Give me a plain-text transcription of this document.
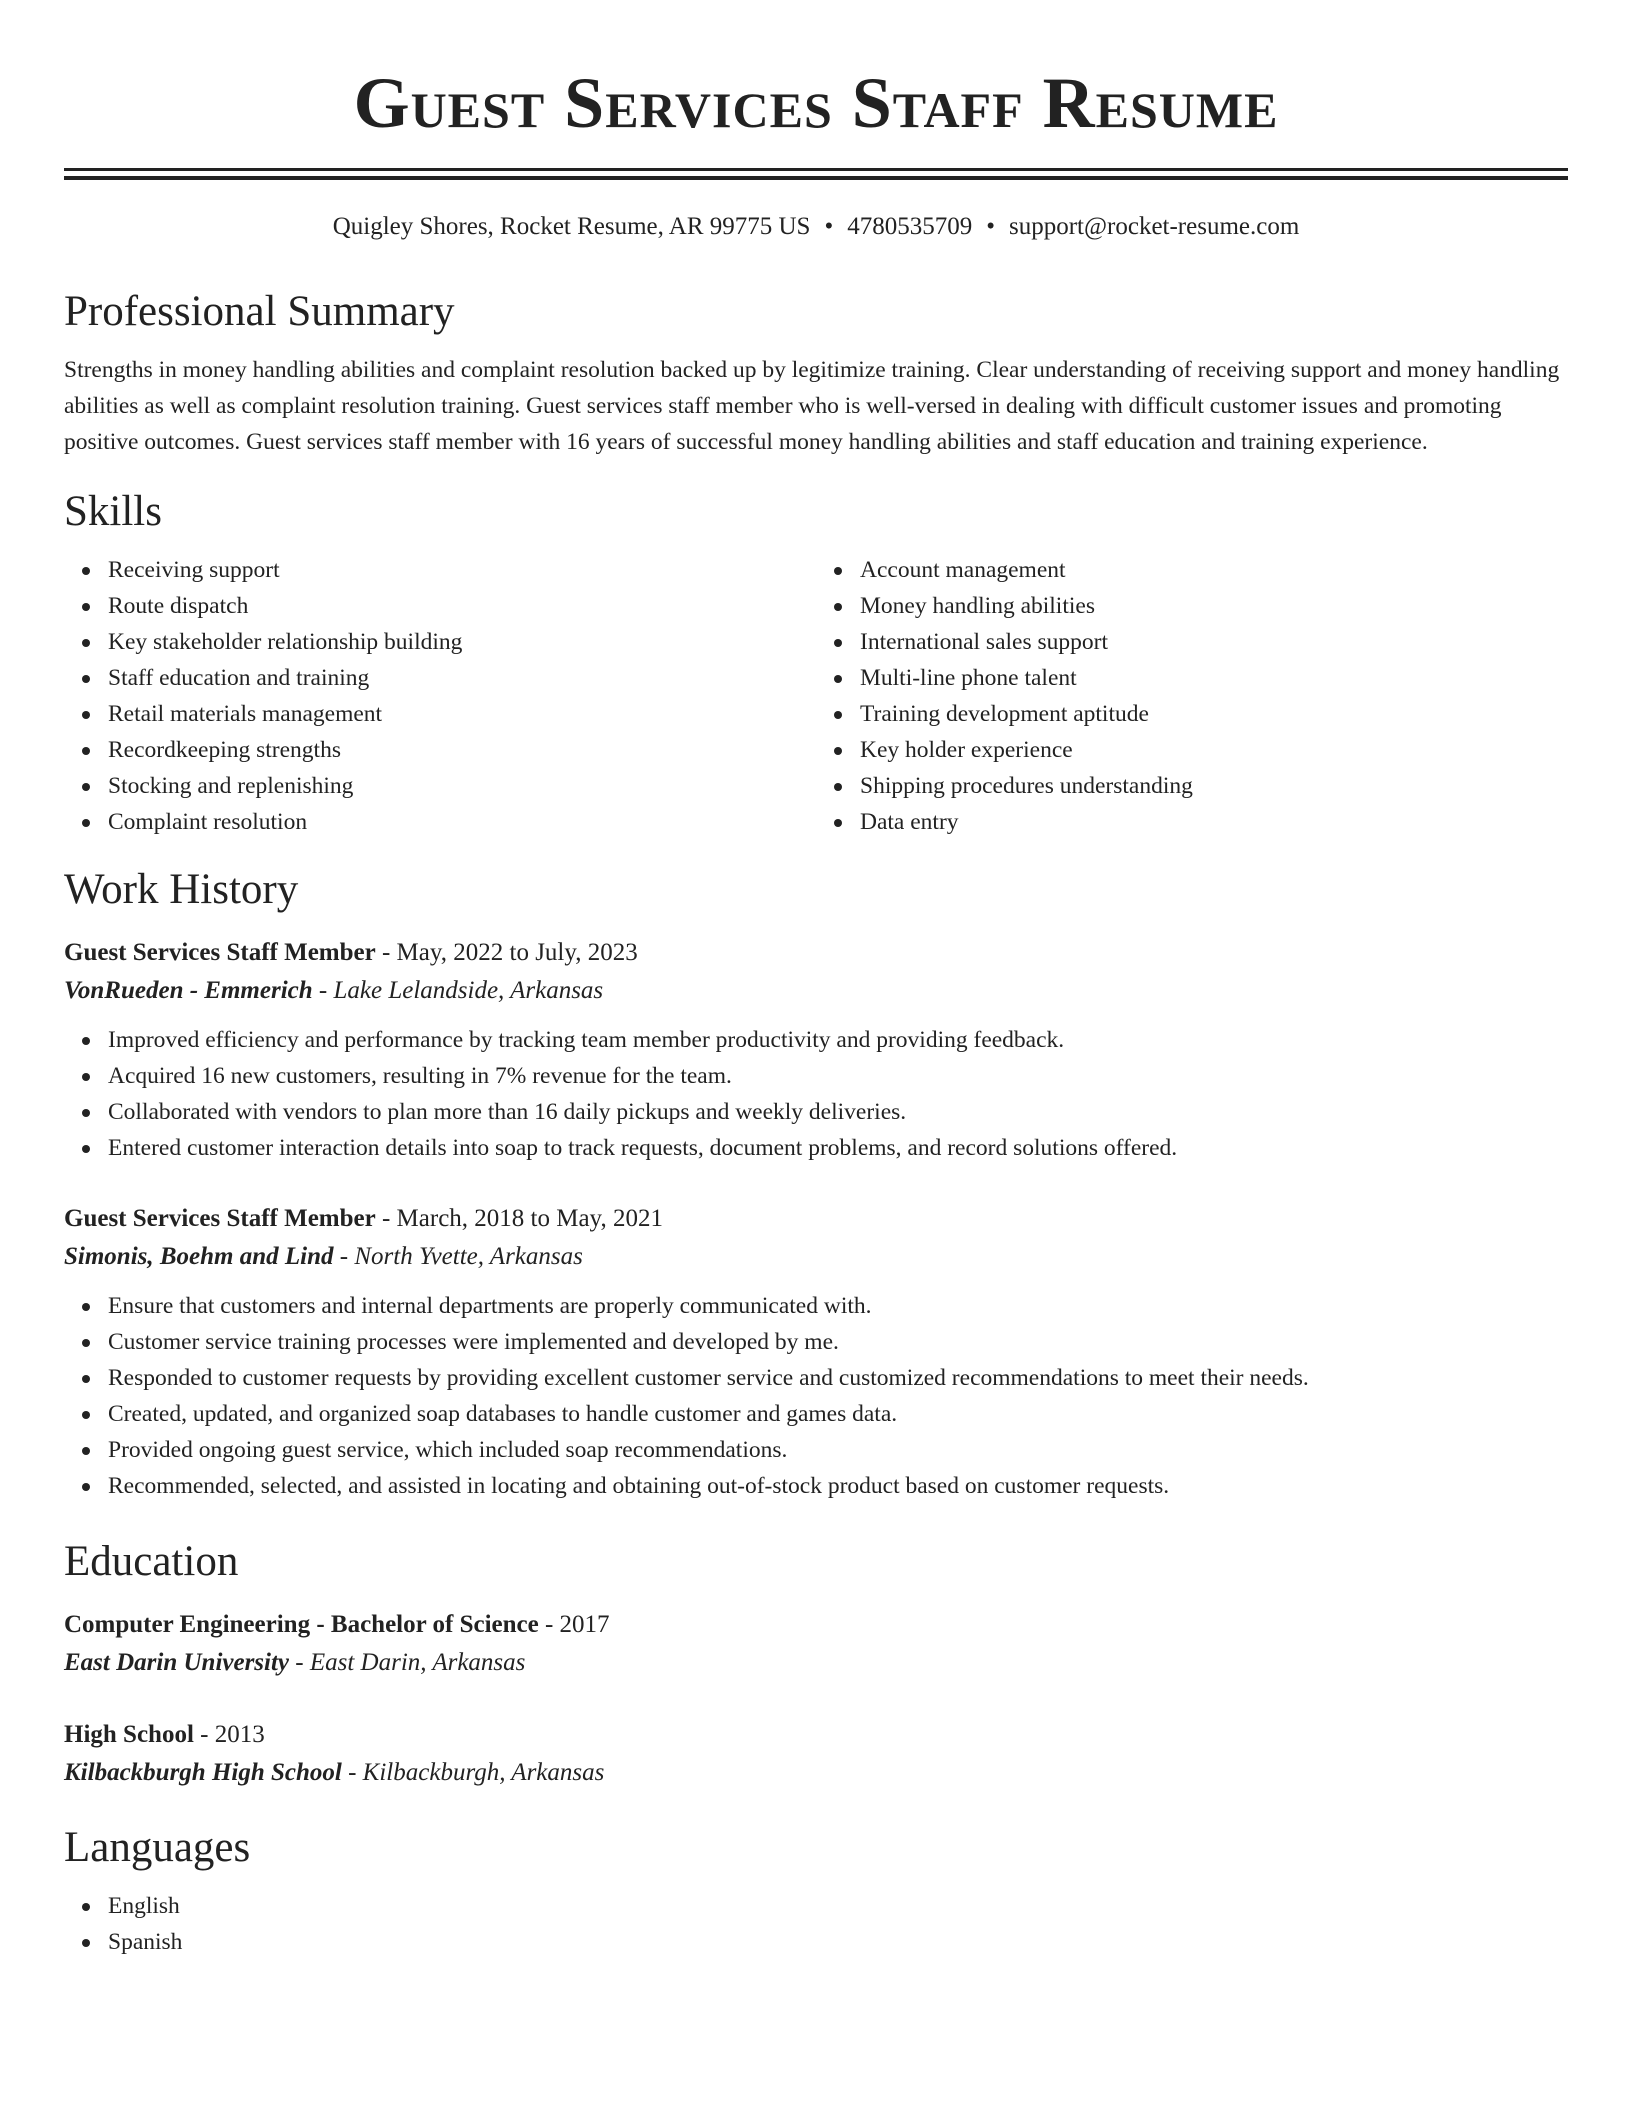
Guest Services Staff Resume
Quigley Shores, Rocket Resume, AR 99775 US • 4780535709 • support@rocket-resume.com
Professional Summary

Strengths in money handling abilities and complaint resolution backed up by legitimize training. Clear understanding of receiving support and money handling abilities as well as complaint resolution training. Guest services staff member who is well-versed in dealing with difficult customer issues and promoting positive outcomes. Guest services staff member with 16 years of successful money handling abilities and staff education and training experience.

Skills
Receiving support
Route dispatch
Key stakeholder relationship building
Staff education and training
Retail materials management
Recordkeeping strengths
Stocking and replenishing
Complaint resolution
Account management
Money handling abilities
International sales support
Multi-line phone talent
Training development aptitude
Key holder experience
Shipping procedures understanding
Data entry
Work History
Guest Services Staff Member - May, 2022 to July, 2023
VonRueden - Emmerich - Lake Lelandside, Arkansas
Improved efficiency and performance by tracking team member productivity and providing feedback.
Acquired 16 new customers, resulting in 7% revenue for the team.
Collaborated with vendors to plan more than 16 daily pickups and weekly deliveries.
Entered customer interaction details into soap to track requests, document problems, and record solutions offered.
Guest Services Staff Member - March, 2018 to May, 2021
Simonis, Boehm and Lind - North Yvette, Arkansas
Ensure that customers and internal departments are properly communicated with.
Customer service training processes were implemented and developed by me.
Responded to customer requests by providing excellent customer service and customized recommendations to meet their needs.
Created, updated, and organized soap databases to handle customer and games data.
Provided ongoing guest service, which included soap recommendations.
Recommended, selected, and assisted in locating and obtaining out-of-stock product based on customer requests.
Education
Computer Engineering - Bachelor of Science - 2017
East Darin University - East Darin, Arkansas
High School - 2013
Kilbackburgh High School - Kilbackburgh, Arkansas
Languages
English
Spanish
